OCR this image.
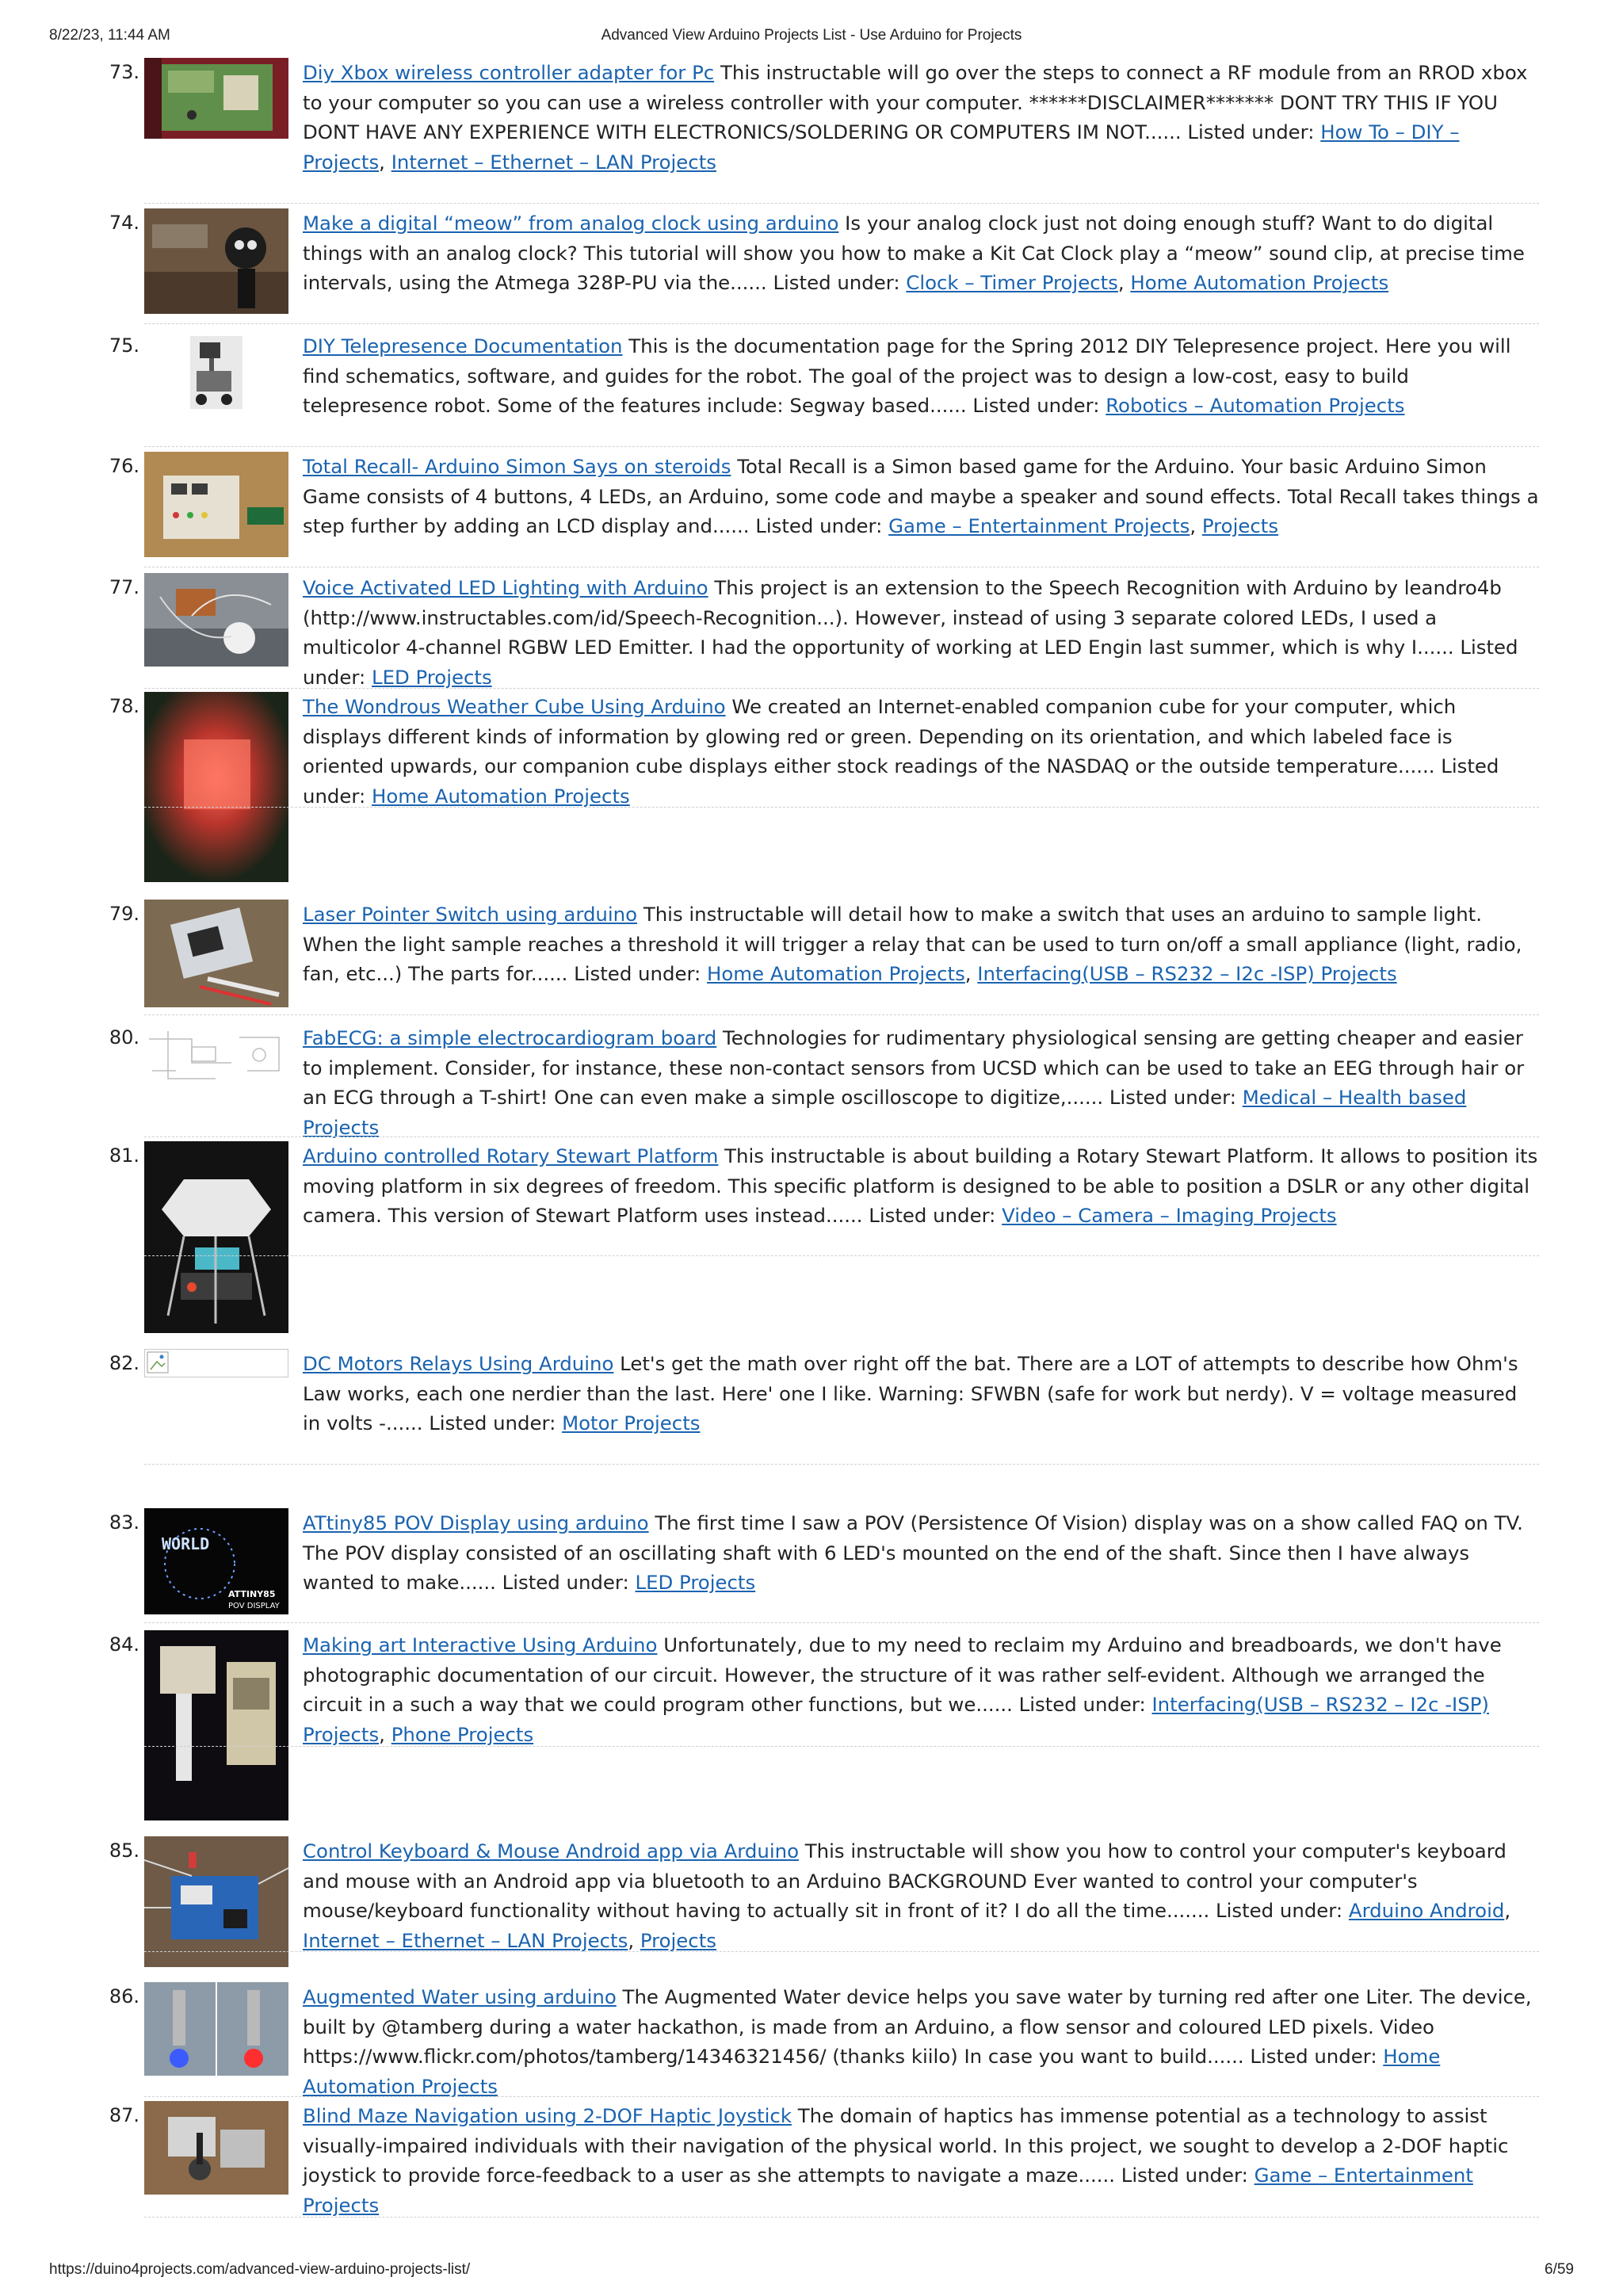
8/22/23, 11:44 AM	Advanced View Arduino Projects List - Use Arduino for Projects
73.	Diy Xbox wireless controller adapter for Pc This instructable will go over the steps to connect a RF module from an RROD xbox to your computer so you can use a wireless controller with your computer. ******DISCLAIMER******* DONT TRY THIS IF YOU DONT HAVE ANY EXPERIENCE WITH ELECTRONICS/SOLDERING OR COMPUTERS IM NOT...... Listed under: How To – DIY – Projects, Internet – Ethernet – LAN Projects
74.	Make a digital “meow” from analog clock using arduino Is your analog clock just not doing enough stuff? Want to do digital things with an analog clock? This tutorial will show you how to make a Kit Cat Clock play a “meow” sound clip, at precise time intervals, using the Atmega 328P-PU via the...... Listed under: Clock – Timer Projects, Home Automation Projects
75.	DIY Telepresence Documentation This is the documentation page for the Spring 2012 DIY Telepresence project. Here you will find schematics, software, and guides for the robot. The goal of the project was to design a low-cost, easy to build telepresence robot. Some of the features include: Segway based...... Listed under: Robotics – Automation Projects
76.	Total Recall- Arduino Simon Says on steroids Total Recall is a Simon based game for the Arduino. Your basic Arduino Simon Game consists of 4 buttons, 4 LEDs, an Arduino, some code and maybe a speaker and sound effects. Total Recall takes things a step further by adding an LCD display and...... Listed under: Game – Entertainment Projects, Projects
77.	Voice Activated LED Lighting with Arduino This project is an extension to the Speech Recognition with Arduino by leandro4b (http://www.instructables.com/id/Speech-Recognition...). However, instead of using 3 separate colored LEDs, I used a multicolor 4-channel RGBW LED Emitter. I had the opportunity of working at LED Engin last summer, which is why I...... Listed under: LED Projects
78.	The Wondrous Weather Cube Using Arduino We created an Internet-enabled companion cube for your computer, which displays different kinds of information by glowing red or green. Depending on its orientation, and which labeled face is oriented upwards, our companion cube displays either stock readings of the NASDAQ or the outside temperature...... Listed under: Home Automation Projects
79.	Laser Pointer Switch using arduino This instructable will detail how to make a switch that uses an arduino to sample light. When the light sample reaches a threshold it will trigger a relay that can be used to turn on/off a small appliance (light, radio, fan, etc...) The parts for...... Listed under: Home Automation Projects, Interfacing(USB – RS232 – I2c -ISP) Projects
80.	FabECG: a simple electrocardiogram board Technologies for rudimentary physiological sensing are getting cheaper and easier to implement. Consider, for instance, these non-contact sensors from UCSD which can be used to take an EEG through hair or an ECG through a T-shirt! One can even make a simple oscilloscope to digitize,...... Listed under: Medical – Health based Projects
81.	Arduino controlled Rotary Stewart Platform This instructable is about building a Rotary Stewart Platform. It allows to position its moving platform in six degrees of freedom. This specific platform is designed to be able to position a DSLR or any other digital camera. This version of Stewart Platform uses instead...... Listed under: Video – Camera – Imaging Projects
82.	DC Motors Relays Using Arduino Let's get the math over right off the bat. There are a LOT of attempts to describe how Ohm's Law works, each one nerdier than the last. Here' one I like. Warning: SFWBN (safe for work but nerdy). V = voltage measured in volts -...... Listed under: Motor Projects
83.
WORLD
ATTINY85
POV DISPLAY
ATtiny85 POV Display using arduino The first time I saw a POV (Persistence Of Vision) display was on a show called FAQ on TV. The POV display consisted of an oscillating shaft with 6 LED's mounted on the end of the shaft. Since then I have always wanted to make...... Listed under: LED Projects
84.	Making art Interactive Using Arduino Unfortunately, due to my need to reclaim my Arduino and breadboards, we don't have photographic documentation of our circuit. However, the structure of it was rather self-evident. Although we arranged the circuit in a such a way that we could program other functions, but we...... Listed under: Interfacing(USB – RS232 – I2c -ISP) Projects, Phone Projects
85.	Control Keyboard & Mouse Android app via Arduino This instructable will show you how to control your computer's keyboard and mouse with an Android app via bluetooth to an Arduino BACKGROUND Ever wanted to control your computer's mouse/keyboard functionality without having to actually sit in front of it? I do all the time....... Listed under: Arduino Android, Internet – Ethernet – LAN Projects, Projects
86.	Augmented Water using arduino The Augmented Water device helps you save water by turning red after one Liter. The device, built by @tamberg during a water hackathon, is made from an Arduino, a flow sensor and coloured LED pixels. Video https://www.flickr.com/photos/tamberg/14346321456/ (thanks kiilo) In case you want to build...... Listed under: Home Automation Projects
87.	Blind Maze Navigation using 2-DOF Haptic Joystick The domain of haptics has immense potential as a technology to assist visually-impaired individuals with their navigation of the physical world. In this project, we sought to develop a 2-DOF haptic joystick to provide force-feedback to a user as she attempts to navigate a maze...... Listed under: Game – Entertainment Projects
https://duino4projects.com/advanced-view-arduino-projects-list/	6/59
